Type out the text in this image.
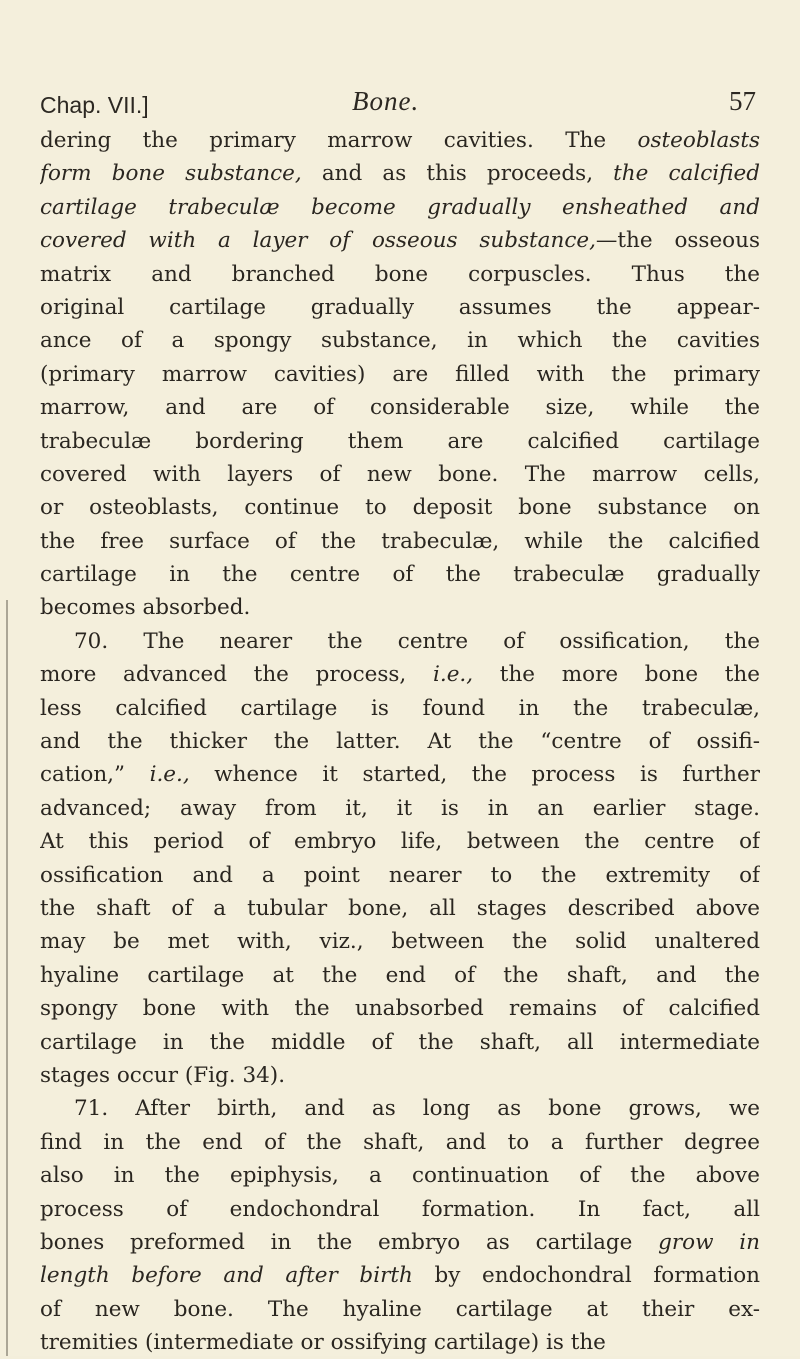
Chap. VII.]	Bone.	57
dering the primary marrow cavities. The osteoblasts
form bone substance, and as this proceeds, the calcified
cartilage trabeculæ become gradually ensheathed and
covered with a layer of osseous substance,—the osseous
matrix and branched bone corpuscles. Thus the
original cartilage gradually assumes the appear-
ance of a spongy substance, in which the cavities
(primary marrow cavities) are filled with the primary
marrow, and are of considerable size, while the
trabeculæ bordering them are calcified cartilage
covered with layers of new bone. The marrow cells,
or osteoblasts, continue to deposit bone substance on
the free surface of the trabeculæ, while the calcified
cartilage in the centre of the trabeculæ gradually
becomes absorbed.
70. The nearer the centre of ossification, the
more advanced the process, i.e., the more bone the
less calcified cartilage is found in the trabeculæ,
and the thicker the latter. At the “centre of ossifi-
cation,” i.e., whence it started, the process is further
advanced; away from it, it is in an earlier stage.
At this period of embryo life, between the centre of
ossification and a point nearer to the extremity of
the shaft of a tubular bone, all stages described above
may be met with, viz., between the solid unaltered
hyaline cartilage at the end of the shaft, and the
spongy bone with the unabsorbed remains of calcified
cartilage in the middle of the shaft, all intermediate
stages occur (Fig. 34).
71. After birth, and as long as bone grows, we
find in the end of the shaft, and to a further degree
also in the epiphysis, a continuation of the above
process of endochondral formation. In fact, all
bones preformed in the embryo as cartilage grow in
length before and after birth by endochondral formation
of new bone. The hyaline cartilage at their ex-
tremities (intermediate or ossifying cartilage) is the
